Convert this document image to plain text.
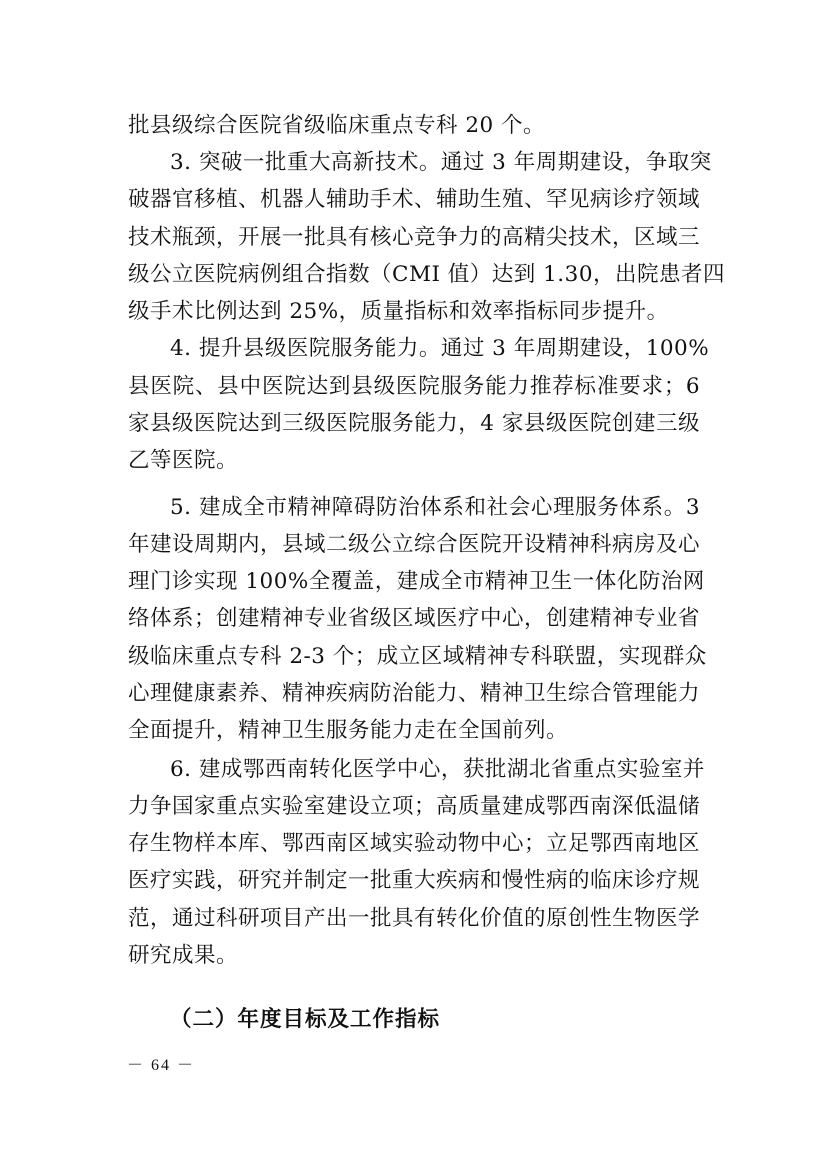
批县级综合医院省级临床重点专科 20 个。
3. 突破一批重大高新技术。通过 3 年周期建设，争取突
破器官移植、机器人辅助手术、辅助生殖、罕见病诊疗领域
技术瓶颈，开展一批具有核心竞争力的高精尖技术，区域三
级公立医院病例组合指数（CMI 值）达到 1.30，出院患者四
级手术比例达到 25%，质量指标和效率指标同步提升。
4. 提升县级医院服务能力。通过 3 年周期建设，100%
县医院、县中医院达到县级医院服务能力推荐标准要求；6
家县级医院达到三级医院服务能力，4 家县级医院创建三级
乙等医院。
5. 建成全市精神障碍防治体系和社会心理服务体系。3
年建设周期内，县域二级公立综合医院开设精神科病房及心
理门诊实现 100%全覆盖，建成全市精神卫生一体化防治网
络体系；创建精神专业省级区域医疗中心，创建精神专业省
级临床重点专科 2-3 个；成立区域精神专科联盟，实现群众
心理健康素养、精神疾病防治能力、精神卫生综合管理能力
全面提升，精神卫生服务能力走在全国前列。
6. 建成鄂西南转化医学中心，获批湖北省重点实验室并
力争国家重点实验室建设立项；高质量建成鄂西南深低温储
存生物样本库、鄂西南区域实验动物中心；立足鄂西南地区
医疗实践，研究并制定一批重大疾病和慢性病的临床诊疗规
范，通过科研项目产出一批具有转化价值的原创性生物医学
研究成果。
（二）年度目标及工作指标
－ 64 －
